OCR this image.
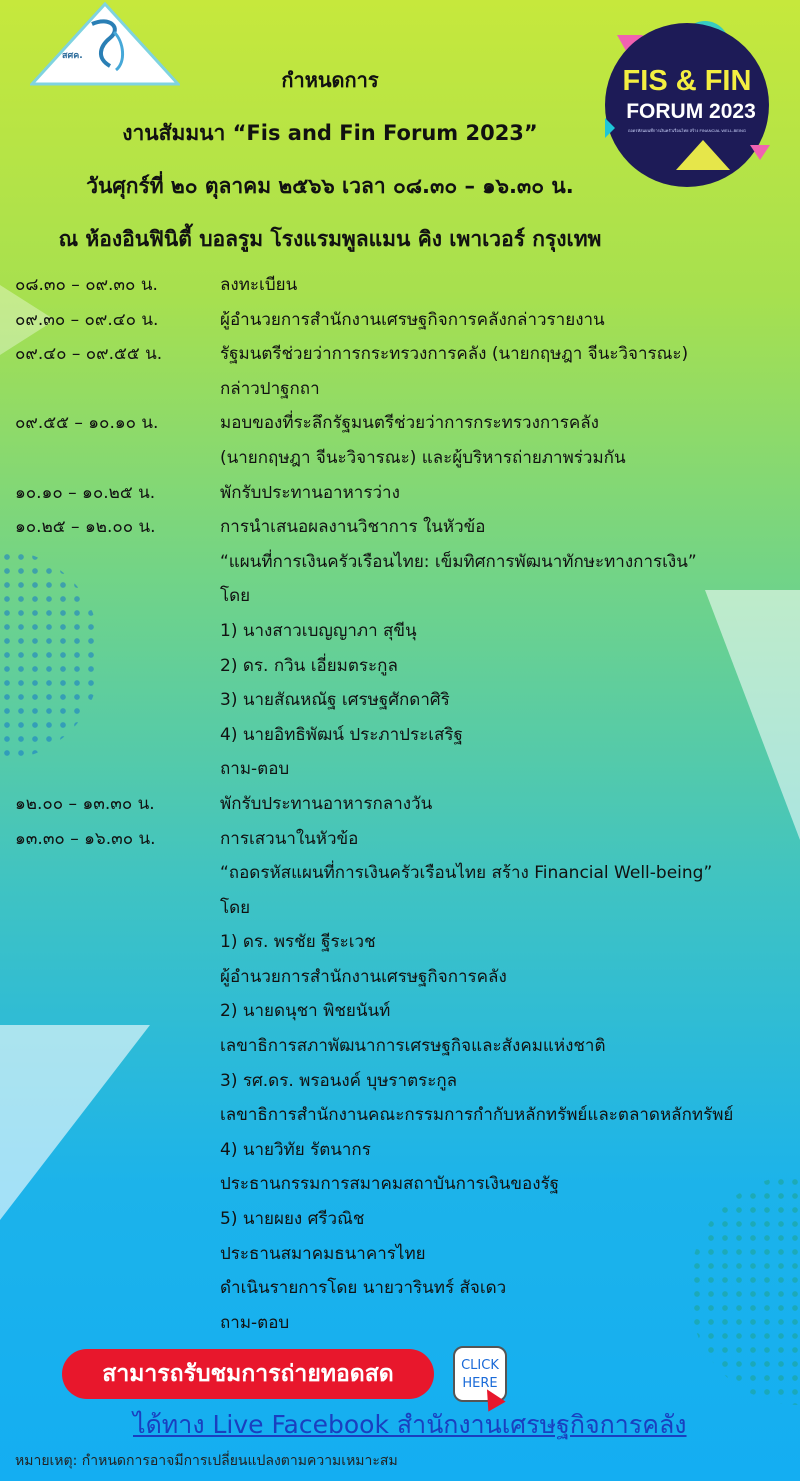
สศค.
FIS & FIN
FORUM 2023
ถอดรหัสแผนที่การเงินครัวเรือนไทย สร้าง FINANCIAL WELL-BEING
กำหนดการ
งานสัมมนา “Fis and Fin Forum 2023”
วันศุกร์ที่ ๒๐ ตุลาคม ๒๕๖๖ เวลา ๐๘.๓๐ – ๑๖.๓๐ น.
ณ ห้องอินฟินิตี้ บอลรูม โรงแรมพูลแมน คิง เพาเวอร์ กรุงเทพ
๐๘.๓๐ – ๐๙.๓๐ น.	ลงทะเบียน
๐๙.๓๐ – ๐๙.๔๐ น.	ผู้อำนวยการสำนักงานเศรษฐกิจการคลังกล่าวรายงาน
๐๙.๔๐ – ๐๙.๕๕ น.	รัฐมนตรีช่วยว่าการกระทรวงการคลัง (นายกฤษฎา จีนะวิจารณะ)
กล่าวปาฐกถา
๐๙.๕๕ – ๑๐.๑๐ น.	มอบของที่ระลึกรัฐมนตรีช่วยว่าการกระทรวงการคลัง
(นายกฤษฎา จีนะวิจารณะ) และผู้บริหารถ่ายภาพร่วมกัน
๑๐.๑๐ – ๑๐.๒๕ น.	พักรับประทานอาหารว่าง
๑๐.๒๕ – ๑๒.๐๐ น.	การนำเสนอผลงานวิชาการ ในหัวข้อ
“แผนที่การเงินครัวเรือนไทย: เข็มทิศการพัฒนาทักษะทางการเงิน”
โดย
1) นางสาวเบญญาภา สุขีนุ
2) ดร. กวิน เอี่ยมตระกูล
3) นายสัณหณัฐ เศรษฐศักดาศิริ
4) นายอิทธิพัฒน์ ประภาประเสริฐ
ถาม-ตอบ
๑๒.๐๐ – ๑๓.๓๐ น.	พักรับประทานอาหารกลางวัน
๑๓.๓๐ – ๑๖.๓๐ น.	การเสวนาในหัวข้อ
“ถอดรหัสแผนที่การเงินครัวเรือนไทย สร้าง Financial Well-being”
โดย
1) ดร. พรชัย ฐีระเวช
ผู้อำนวยการสำนักงานเศรษฐกิจการคลัง
2) นายดนุชา พิชยนันท์
เลขาธิการสภาพัฒนาการเศรษฐกิจและสังคมแห่งชาติ
3) รศ.ดร. พรอนงค์ บุษราตระกูล
เลขาธิการสำนักงานคณะกรรมการกำกับหลักทรัพย์และตลาดหลักทรัพย์
4) นายวิทัย รัตนากร
ประธานกรรมการสมาคมสถาบันการเงินของรัฐ
5) นายผยง ศรีวณิช
ประธานสมาคมธนาคารไทย
ดำเนินรายการโดย นายวารินทร์ สัจเดว
ถาม-ตอบ
สามารถรับชมการถ่ายทอดสด	CLICK
HERE
ได้ทาง Live Facebook สำนักงานเศรษฐกิจการคลัง
หมายเหตุ: กำหนดการอาจมีการเปลี่ยนแปลงตามความเหมาะสม
